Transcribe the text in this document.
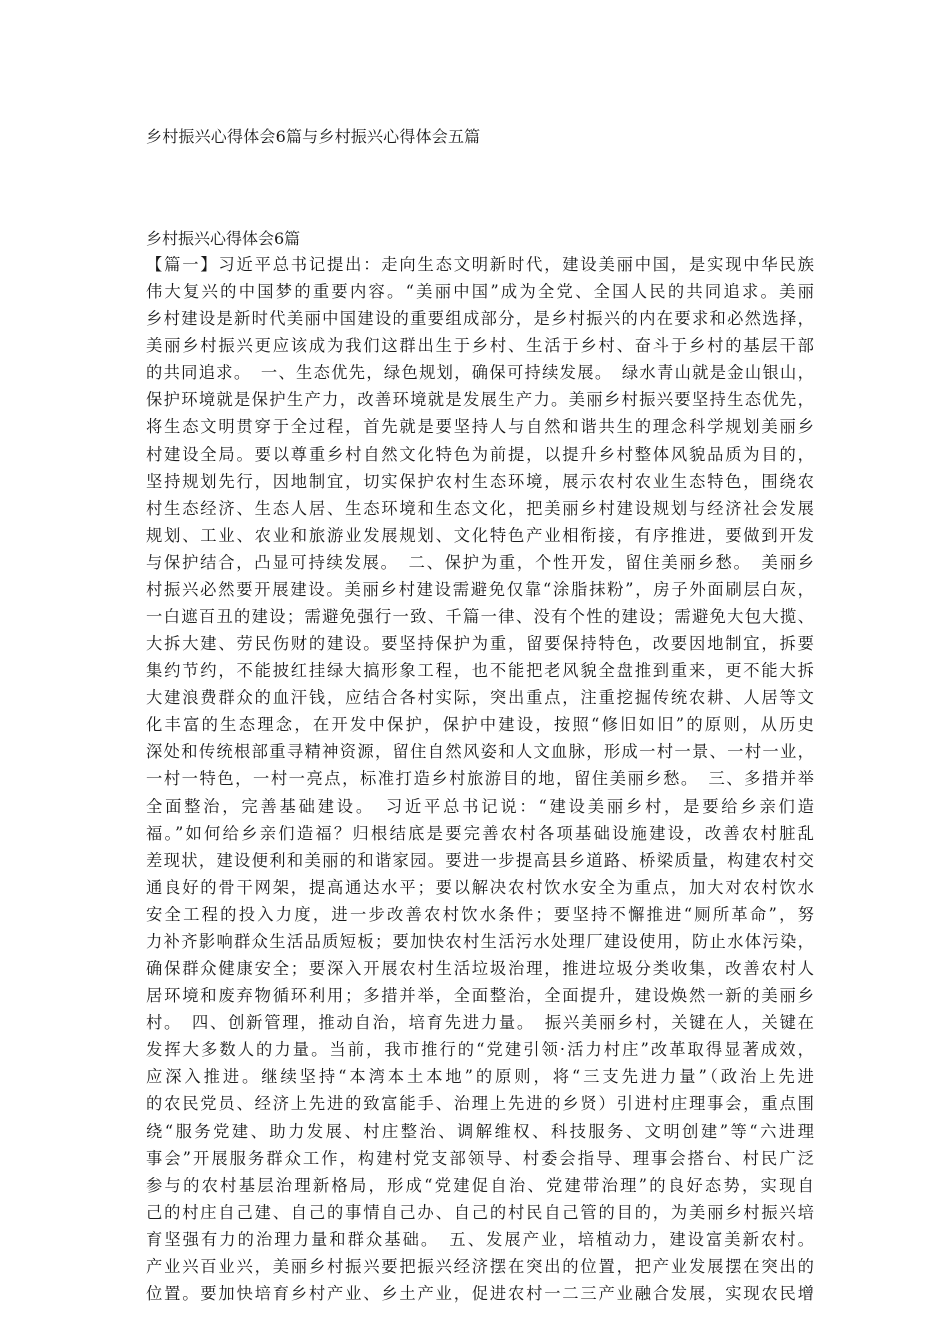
乡村振兴心得体会6篇与乡村振兴心得体会五篇
乡村振兴心得体会6篇
【篇一】习近平总书记提出：走向生态文明新时代，建设美丽中国，是实现中华民族
伟大复兴的中国梦的重要内容。“美丽中国”成为全党、全国人民的共同追求。美丽
乡村建设是新时代美丽中国建设的重要组成部分，是乡村振兴的内在要求和必然选择，
美丽乡村振兴更应该成为我们这群出生于乡村、生活于乡村、奋斗于乡村的基层干部
的共同追求。　一、生态优先，绿色规划，确保可持续发展。　绿水青山就是金山银山，
保护环境就是保护生产力，改善环境就是发展生产力。美丽乡村振兴要坚持生态优先，
将生态文明贯穿于全过程，首先就是要坚持人与自然和谐共生的理念科学规划美丽乡
村建设全局。要以尊重乡村自然文化特色为前提，以提升乡村整体风貌品质为目的，
坚持规划先行，因地制宜，切实保护农村生态环境，展示农村农业生态特色，围绕农
村生态经济、生态人居、生态环境和生态文化，把美丽乡村建设规划与经济社会发展
规划、工业、农业和旅游业发展规划、文化特色产业相衔接，有序推进，要做到开发
与保护结合，凸显可持续发展。　二、保护为重，个性开发，留住美丽乡愁。　美丽乡
村振兴必然要开展建设。美丽乡村建设需避免仅靠“涂脂抹粉”，房子外面刷层白灰，
一白遮百丑的建设；需避免强行一致、千篇一律、没有个性的建设；需避免大包大揽、
大拆大建、劳民伤财的建设。要坚持保护为重，留要保持特色，改要因地制宜，拆要
集约节约，不能披红挂绿大搞形象工程，也不能把老风貌全盘推到重来，更不能大拆
大建浪费群众的血汗钱，应结合各村实际，突出重点，注重挖掘传统农耕、人居等文
化丰富的生态理念，在开发中保护，保护中建设，按照“修旧如旧”的原则，从历史
深处和传统根部重寻精神资源，留住自然风姿和人文血脉，形成一村一景、一村一业，
一村一特色，一村一亮点，标准打造乡村旅游目的地，留住美丽乡愁。　三、多措并举
全面整治，完善基础建设。　习近平总书记说：“建设美丽乡村，是要给乡亲们造
福。”如何给乡亲们造福？归根结底是要完善农村各项基础设施建设，改善农村脏乱
差现状，建设便利和美丽的和谐家园。要进一步提高县乡道路、桥梁质量，构建农村交
通良好的骨干网架，提高通达水平；要以解决农村饮水安全为重点，加大对农村饮水
安全工程的投入力度，进一步改善农村饮水条件；要坚持不懈推进“厕所革命”，努
力补齐影响群众生活品质短板；要加快农村生活污水处理厂建设使用，防止水体污染，
确保群众健康安全；要深入开展农村生活垃圾治理，推进垃圾分类收集，改善农村人
居环境和废弃物循环利用；多措并举，全面整治，全面提升，建设焕然一新的美丽乡
村。　四、创新管理，推动自治，培育先进力量。　振兴美丽乡村，关键在人，关键在
发挥大多数人的力量。当前，我市推行的“党建引领·活力村庄”改革取得显著成效，
应深入推进。继续坚持“本湾本土本地”的原则，将“三支先进力量”（政治上先进
的农民党员、经济上先进的致富能手、治理上先进的乡贤）引进村庄理事会，重点围
绕“服务党建、助力发展、村庄整治、调解维权、科技服务、文明创建”等“六进理
事会”开展服务群众工作，构建村党支部领导、村委会指导、理事会搭台、村民广泛
参与的农村基层治理新格局，形成“党建促自治、党建带治理”的良好态势，实现自
己的村庄自己建、自己的事情自己办、自己的村民自己管的目的，为美丽乡村振兴培
育坚强有力的治理力量和群众基础。　五、发展产业，培植动力，建设富美新农村。
产业兴百业兴，美丽乡村振兴要把振兴经济摆在突出的位置，把产业发展摆在突出的
位置。要加快培育乡村产业、乡土产业，促进农村一二三产业融合发展，实现农民增
